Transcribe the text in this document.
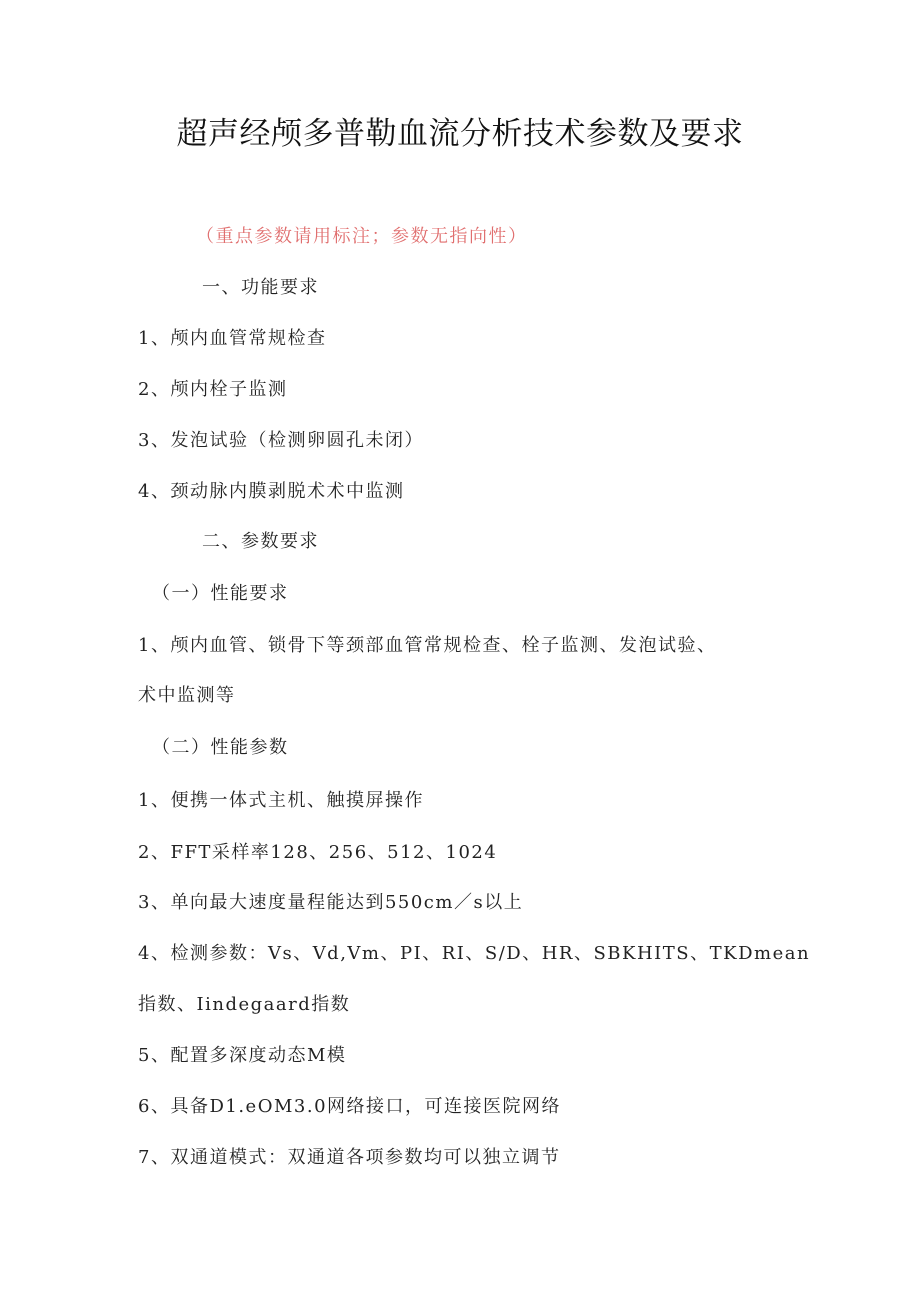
超声经颅多普勒血流分析技术参数及要求
（重点参数请用标注；参数无指向性）
一、功能要求
1、颅内血管常规检查
2、颅内栓子监测
3、发泡试验（检测卵圆孔未闭）
4、颈动脉内膜剥脱术术中监测
二、参数要求
（一）性能要求
1、颅内血管、锁骨下等颈部血管常规检查、栓子监测、发泡试验、
术中监测等
（二）性能参数
1、便携一体式主机、触摸屏操作
2、FFT采样率128、256、512、1024
3、单向最大速度量程能达到550cm／s以上
4、检测参数：Vs、Vd,Vm、PI、RI、S/D、HR、SBKHITS、TKDmean
指数、Iindegaard指数
5、配置多深度动态M模
6、具备D1.eOM3.0网络接口，可连接医院网络
7、双通道模式：双通道各项参数均可以独立调节
